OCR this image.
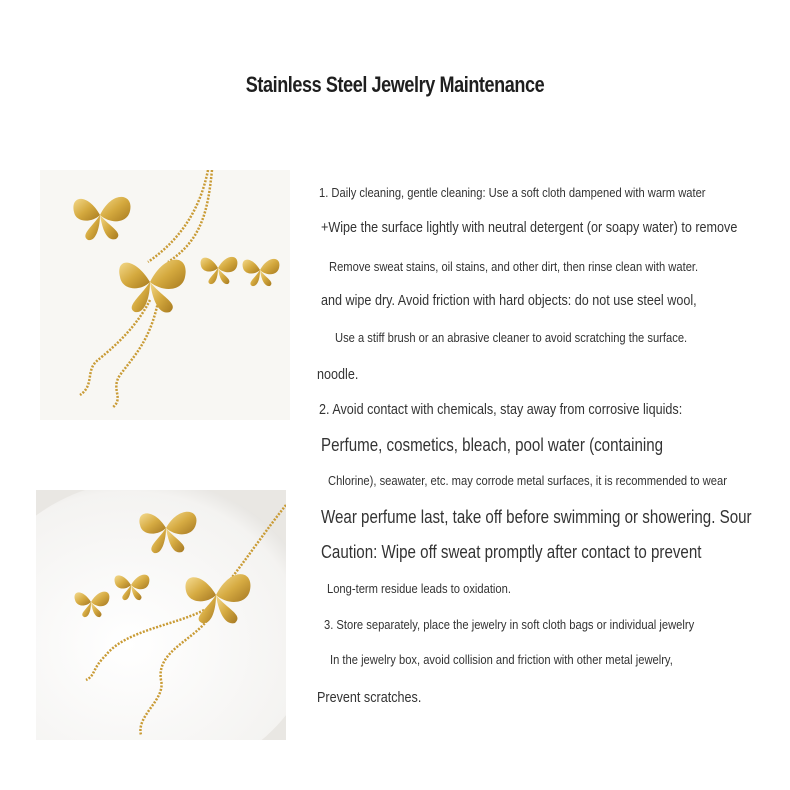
Stainless Steel Jewelry Maintenance
1. Daily cleaning, gentle cleaning: Use a soft cloth dampened with warm water
+Wipe the surface lightly with neutral detergent (or soapy water) to remove
Remove sweat stains, oil stains, and other dirt, then rinse clean with water.
and wipe dry. Avoid friction with hard objects: do not use steel wool,
Use a stiff brush or an abrasive cleaner to avoid scratching the surface.
noodle.
2. Avoid contact with chemicals, stay away from corrosive liquids:
Perfume, cosmetics, bleach, pool water (containing
Chlorine), seawater, etc. may corrode metal surfaces, it is recommended to wear
Wear perfume last, take off before swimming or showering. Sour
Caution: Wipe off sweat promptly after contact to prevent
Long-term residue leads to oxidation.
3. Store separately, place the jewelry in soft cloth bags or individual jewelry
In the jewelry box, avoid collision and friction with other metal jewelry,
Prevent scratches.
